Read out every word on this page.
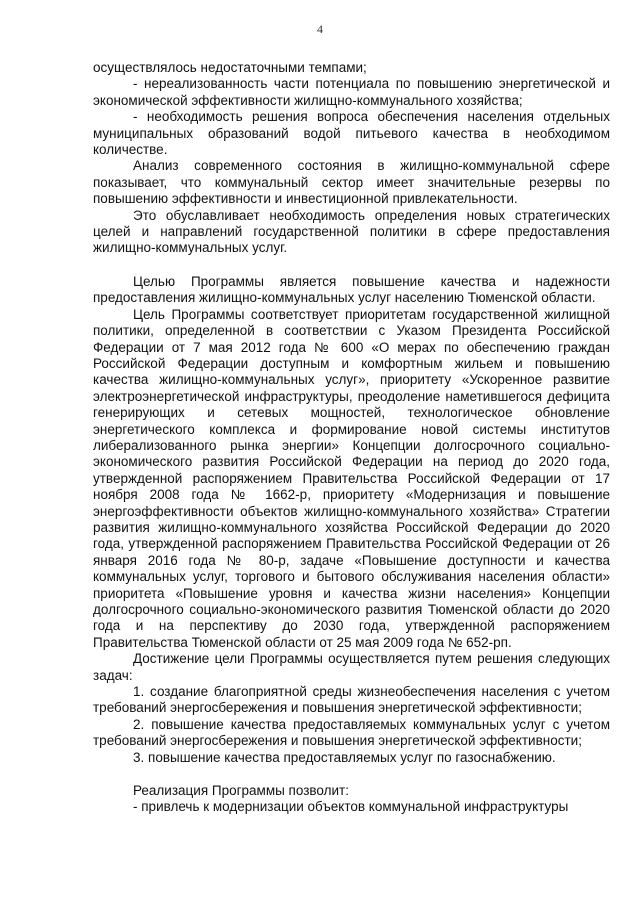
4

осуществлялось недостаточными темпами;

- нереализованность части потенциала по повышению энергетической и экономической эффективности жилищно-коммунального хозяйства;

- необходимость решения вопроса обеспечения населения отдельных муниципальных образований водой питьевого качества в необходимом количестве.

Анализ современного состояния в жилищно-коммунальной сфере показывает, что коммунальный сектор имеет значительные резервы по повышению эффективности и инвестиционной привлекательности.

Это обуславливает необходимость определения новых стратегических целей и направлений государственной политики в сфере предоставления жилищно-коммунальных услуг.

Целью Программы является повышение качества и надежности предоставления жилищно-коммунальных услуг населению Тюменской области.

Цель Программы соответствует приоритетам государственной жилищной политики, определенной в соответствии с Указом Президента Российской Федерации от 7 мая 2012 года № 600 «О мерах по обеспечению граждан Российской Федерации доступным и комфортным жильем и повышению качества жилищно-коммунальных услуг», приоритету «Ускоренное развитие электроэнергетической инфраструктуры, преодоление наметившегося дефицита генерирующих и сетевых мощностей, технологическое обновление энергетического комплекса и формирование новой системы институтов либерализованного рынка энергии» Концепции долгосрочного социально-экономического развития Российской Федерации на период до 2020 года, утвержденной распоряжением Правительства Российской Федерации от 17 ноября 2008 года № 1662-р, приоритету «Модернизация и повышение энергоэффективности объектов жилищно-коммунального хозяйства» Стратегии развития жилищно-коммунального хозяйства Российской Федерации до 2020 года, утвержденной распоряжением Правительства Российской Федерации от 26 января 2016 года № 80-р, задаче «Повышение доступности и качества коммунальных услуг, торгового и бытового обслуживания населения области» приоритета «Повышение уровня и качества жизни населения» Концепции долгосрочного социально-экономического развития Тюменской области до 2020 года и на перспективу до 2030 года, утвержденной распоряжением Правительства Тюменской области от 25 мая 2009 года № 652-рп.

Достижение цели Программы осуществляется путем решения следующих задач:

1. создание благоприятной среды жизнеобеспечения населения с учетом требований энергосбережения и повышения энергетической эффективности;

2. повышение качества предоставляемых коммунальных услуг с учетом требований энергосбережения и повышения энергетической эффективности;

3. повышение качества предоставляемых услуг по газоснабжению.

Реализация Программы позволит:

- привлечь к модернизации объектов коммунальной инфраструктуры
